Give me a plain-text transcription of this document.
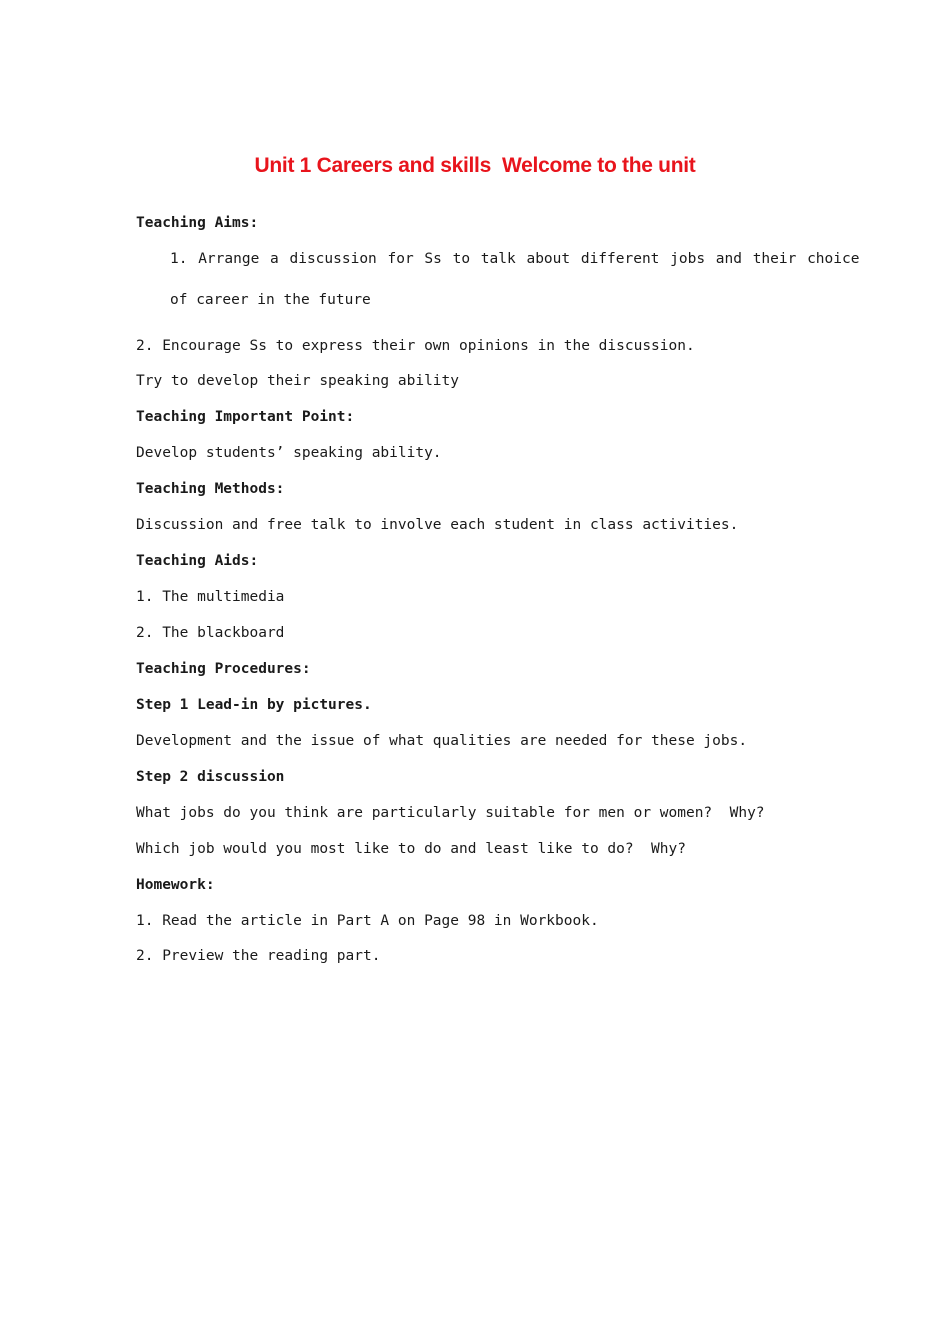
Unit 1 Careers and skills  Welcome to the unit
Teaching Aims:
1. Arrange a discussion for Ss to talk about different jobs and their choice
of career in the future
2. Encourage Ss to express their own opinions in the discussion.
Try to develop their speaking ability
Teaching Important Point:
Develop students’ speaking ability.
Teaching Methods:
Discussion and free talk to involve each student in class activities.
Teaching Aids:
1. The multimedia
2. The blackboard
Teaching Procedures:
Step 1 Lead-in by pictures.
Development and the issue of what qualities are needed for these jobs.
Step 2 discussion
What jobs do you think are particularly suitable for men or women?  Why?
Which job would you most like to do and least like to do?  Why?
Homework:
1. Read the article in Part A on Page 98 in Workbook.
2. Preview the reading part.
